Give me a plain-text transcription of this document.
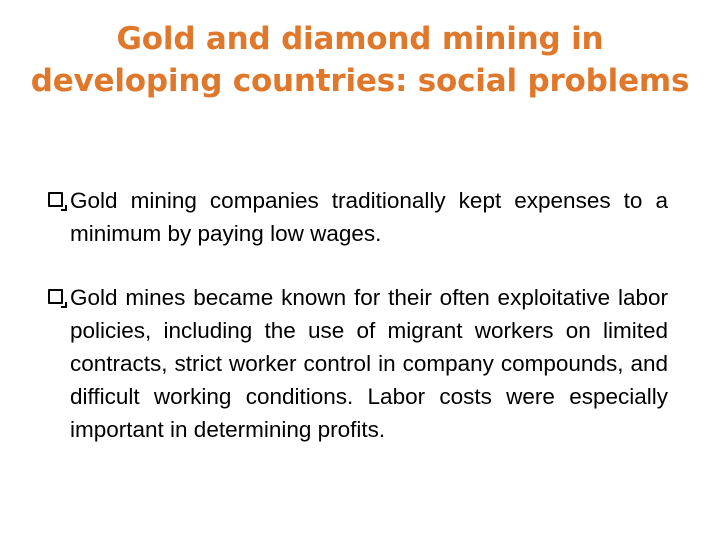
Gold and diamond mining in
developing countries: social problems
Gold mining companies traditionally kept expenses to a minimum by paying low wages.
Gold mines became known for their often exploitative labor policies, including the use of migrant workers on limited contracts, strict worker control in company compounds, and difficult working conditions. Labor costs were especially important in determining profits.
